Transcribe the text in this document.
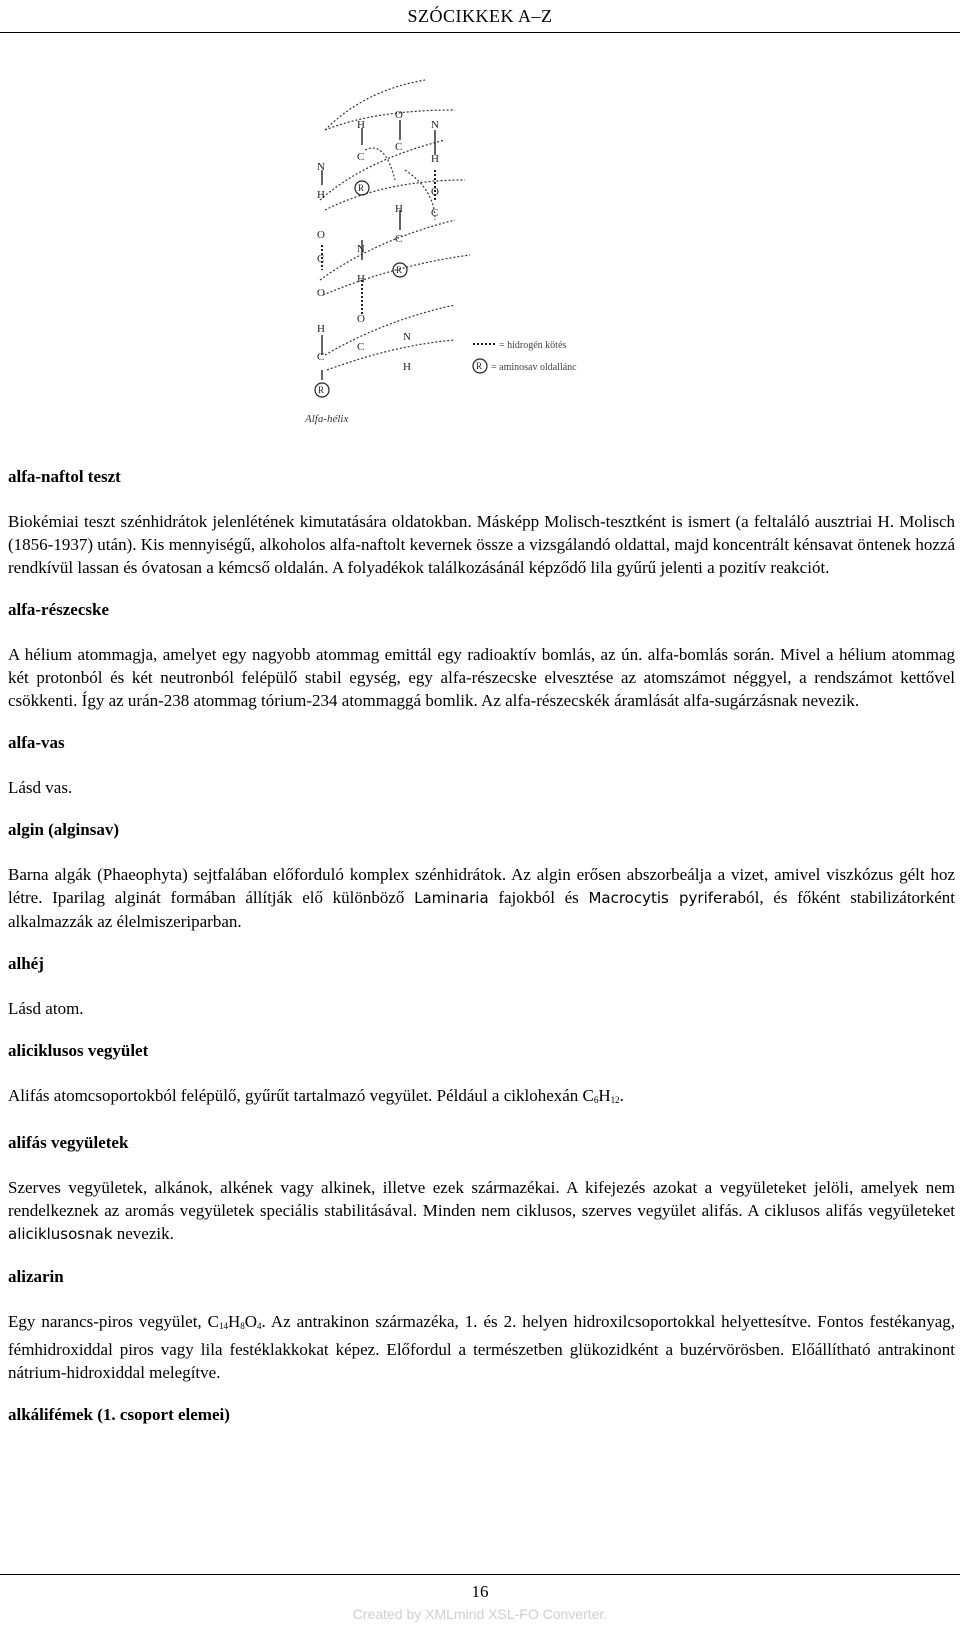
SZÓCIKKEK A–Z
H
O
N
C
C
H
N
H	O
H	C
O
C
N
C
H
O
O
H
C
N
C
H
R
R
R
R
= hidrogén kötés
= aminosav oldallánc
Alfa-hélix
alfa-naftol teszt
Biokémiai teszt szénhidrátok jelenlétének kimutatására oldatokban. Másképp Molisch-tesztként is ismert (a feltaláló ausztriai H. Molisch (1856-1937) után). Kis mennyiségű, alkoholos alfa-naftolt kevernek össze a vizsgálandó oldattal, majd koncentrált kénsavat öntenek hozzá rendkívül lassan és óvatosan a kémcső oldalán. A folyadékok találkozásánál képződő lila gyűrű jelenti a pozitív reakciót.
alfa-részecske
A hélium atommagja, amelyet egy nagyobb atommag emittál egy radioaktív bomlás, az ún. alfa-bomlás során. Mivel a hélium atommag két protonból és két neutronból felépülő stabil egység, egy alfa-részecske elvesztése az atomszámot néggyel, a rendszámot kettővel csökkenti. Így az urán-238 atommag tórium-234 atommaggá bomlik. Az alfa-részecskék áramlását alfa-sugárzásnak nevezik.
alfa-vas
Lásd vas.
algin (alginsav)
Barna algák (Phaeophyta) sejtfalában előforduló komplex szénhidrátok. Az algin erősen abszorbeálja a vizet, amivel viszkózus gélt hoz létre. Iparilag alginát formában állítják elő különböző Laminaria fajokból és Macrocytis pyriferaból, és főként stabilizátorként alkalmazzák az élelmiszeriparban.
alhéj
Lásd atom.
aliciklusos vegyület
Alifás atomcsoportokból felépülő, gyűrűt tartalmazó vegyület. Például a ciklohexán $C_6H_{12}$.
alifás vegyületek
Szerves vegyületek, alkánok, alkének vagy alkinek, illetve ezek származékai. A kifejezés azokat a vegyületeket jelöli, amelyek nem rendelkeznek az aromás vegyületek speciális stabilitásával. Minden nem ciklusos, szerves vegyület alifás. A ciklusos alifás vegyületeket aliciklusosnak nevezik.
alizarin
Egy narancs-piros vegyület, $C_{14}H_8O_4$. Az antrakinon származéka, 1. és 2. helyen hidroxilcsoportokkal helyettesítve. Fontos festékanyag, fémhidroxiddal piros vagy lila festéklakkokat képez. Előfordul a természetben glükozidként a buzérvörösben. Előállítható antrakinont nátrium-hidroxiddal melegítve.
alkálifémek (1. csoport elemei)
16
Created by XMLmind XSL-FO Converter.
